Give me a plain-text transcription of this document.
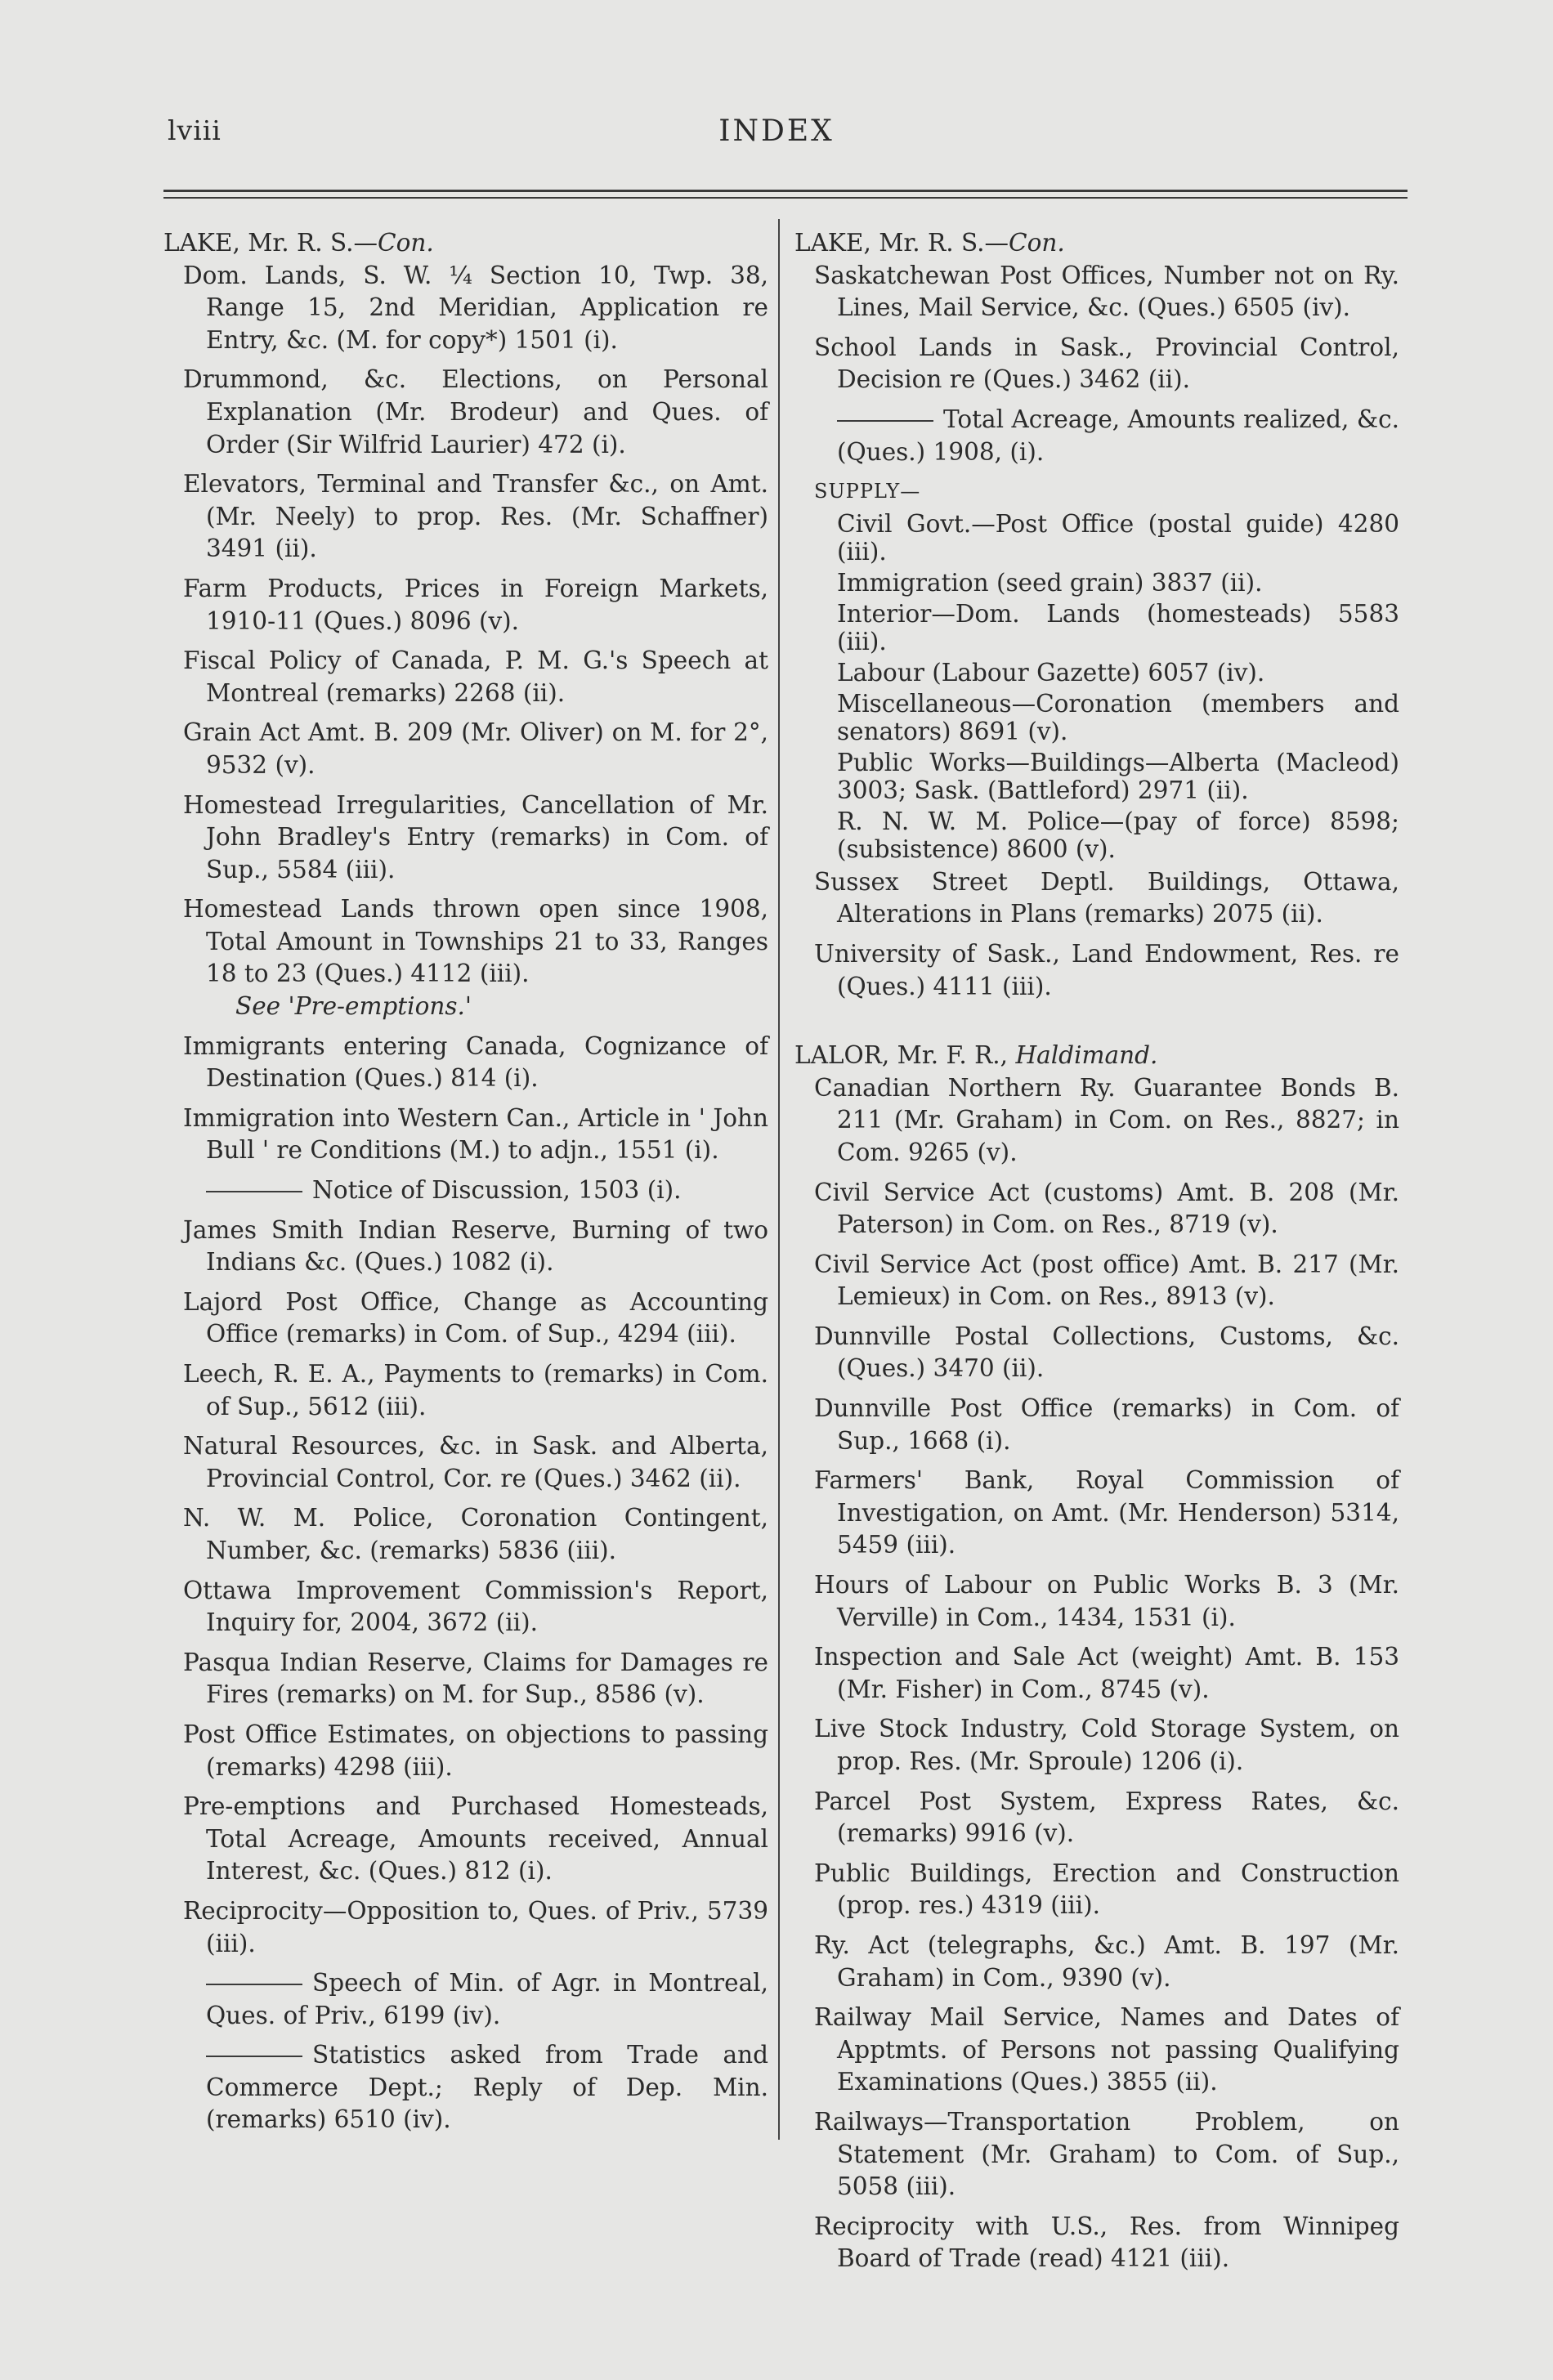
lviii	INDEX

LAKE, Mr. R. S.—Con.

Dom. Lands, S. W. ¼ Section 10, Twp. 38, Range 15, 2nd Meridian, Application re Entry, &c. (M. for copy*) 1501 (i).

Drummond, &c. Elections, on Personal Explanation (Mr. Brodeur) and Ques. of Order (Sir Wilfrid Laurier) 472 (i).

Elevators, Terminal and Transfer &c., on Amt. (Mr. Neely) to prop. Res. (Mr. Schaffner) 3491 (ii).

Farm Products, Prices in Foreign Markets, 1910-11 (Ques.) 8096 (v).

Fiscal Policy of Canada, P. M. G.'s Speech at Montreal (remarks) 2268 (ii).

Grain Act Amt. B. 209 (Mr. Oliver) on M. for 2°, 9532 (v).

Homestead Irregularities, Cancellation of Mr. John Bradley's Entry (remarks) in Com. of Sup., 5584 (iii).

Homestead Lands thrown open since 1908, Total Amount in Townships 21 to 33, Ranges 18 to 23 (Ques.) 4112 (iii).

See 'Pre-emptions.'

Immigrants entering Canada, Cognizance of Destination (Ques.) 814 (i).

Immigration into Western Can., Article in ' John Bull ' re Conditions (M.) to adjn., 1551 (i).

Notice of Discussion, 1503 (i).

James Smith Indian Reserve, Burning of two Indians &c. (Ques.) 1082 (i).

Lajord Post Office, Change as Accounting Office (remarks) in Com. of Sup., 4294 (iii).

Leech, R. E. A., Payments to (remarks) in Com. of Sup., 5612 (iii).

Natural Resources, &c. in Sask. and Alberta, Provincial Control, Cor. re (Ques.) 3462 (ii).

N. W. M. Police, Coronation Contingent, Number, &c. (remarks) 5836 (iii).

Ottawa Improvement Commission's Report, Inquiry for, 2004, 3672 (ii).

Pasqua Indian Reserve, Claims for Damages re Fires (remarks) on M. for Sup., 8586 (v).

Post Office Estimates, on objections to passing (remarks) 4298 (iii).

Pre-emptions and Purchased Homesteads, Total Acreage, Amounts received, Annual Interest, &c. (Ques.) 812 (i).

Reciprocity—Opposition to, Ques. of Priv., 5739 (iii).

Speech of Min. of Agr. in Montreal, Ques. of Priv., 6199 (iv).

Statistics asked from Trade and Commerce Dept.; Reply of Dep. Min. (remarks) 6510 (iv).

LAKE, Mr. R. S.—Con.

Saskatchewan Post Offices, Number not on Ry. Lines, Mail Service, &c. (Ques.) 6505 (iv).

School Lands in Sask., Provincial Control, Decision re (Ques.) 3462 (ii).

Total Acreage, Amounts realized, &c. (Ques.) 1908, (i).

SUPPLY—

Civil Govt.—Post Office (postal guide) 4280 (iii).

Immigration (seed grain) 3837 (ii).

Interior—Dom. Lands (homesteads) 5583 (iii).

Labour (Labour Gazette) 6057 (iv).

Miscellaneous—Coronation (members and senators) 8691 (v).

Public Works—Buildings—Alberta (Macleod) 3003; Sask. (Battleford) 2971 (ii).

R. N. W. M. Police—(pay of force) 8598; (subsistence) 8600 (v).

Sussex Street Deptl. Buildings, Ottawa, Alterations in Plans (remarks) 2075 (ii).

University of Sask., Land Endowment, Res. re (Ques.) 4111 (iii).

LALOR, Mr. F. R., Haldimand.

Canadian Northern Ry. Guarantee Bonds B. 211 (Mr. Graham) in Com. on Res., 8827; in Com. 9265 (v).

Civil Service Act (customs) Amt. B. 208 (Mr. Paterson) in Com. on Res., 8719 (v).

Civil Service Act (post office) Amt. B. 217 (Mr. Lemieux) in Com. on Res., 8913 (v).

Dunnville Postal Collections, Customs, &c. (Ques.) 3470 (ii).

Dunnville Post Office (remarks) in Com. of Sup., 1668 (i).

Farmers' Bank, Royal Commission of Investigation, on Amt. (Mr. Henderson) 5314, 5459 (iii).

Hours of Labour on Public Works B. 3 (Mr. Verville) in Com., 1434, 1531 (i).

Inspection and Sale Act (weight) Amt. B. 153 (Mr. Fisher) in Com., 8745 (v).

Live Stock Industry, Cold Storage System, on prop. Res. (Mr. Sproule) 1206 (i).

Parcel Post System, Express Rates, &c. (remarks) 9916 (v).

Public Buildings, Erection and Construction (prop. res.) 4319 (iii).

Ry. Act (telegraphs, &c.) Amt. B. 197 (Mr. Graham) in Com., 9390 (v).

Railway Mail Service, Names and Dates of Apptmts. of Persons not passing Qualifying Examinations (Ques.) 3855 (ii).

Railways—Transportation Problem, on Statement (Mr. Graham) to Com. of Sup., 5058 (iii).

Reciprocity with U.S., Res. from Winnipeg Board of Trade (read) 4121 (iii).
